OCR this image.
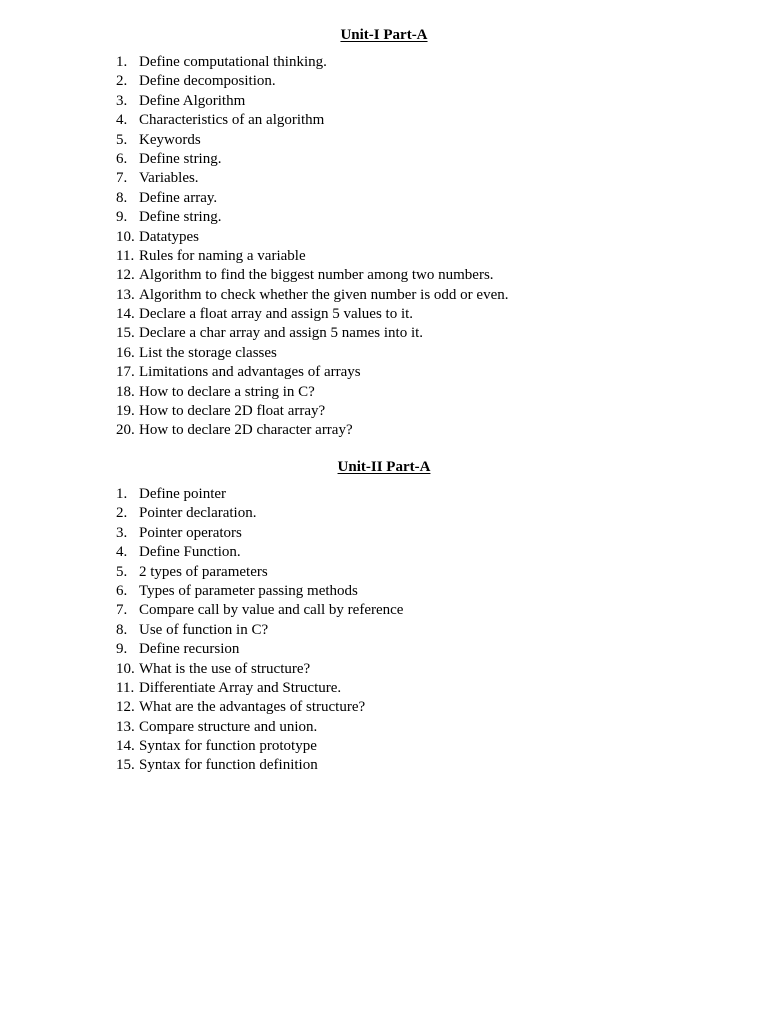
Unit-I Part-A
1. Define computational thinking.
2. Define decomposition.
3. Define Algorithm
4. Characteristics of an algorithm
5. Keywords
6. Define string.
7. Variables.
8. Define array.
9. Define string.
10. Datatypes
11. Rules for naming a variable
12. Algorithm to find the biggest number among two numbers.
13. Algorithm to check whether the given number is odd or even.
14. Declare a float array and assign 5 values to it.
15. Declare a char array and assign 5 names into it.
16. List the storage classes
17. Limitations and advantages of arrays
18. How to declare a string in C?
19. How to declare 2D float array?
20. How to declare 2D character array?
Unit-II Part-A
1. Define pointer
2. Pointer declaration.
3. Pointer operators
4. Define Function.
5. 2 types of parameters
6. Types of parameter passing methods
7. Compare call by value and call by reference
8. Use of function in C?
9. Define recursion
10. What is the use of structure?
11. Differentiate Array and Structure.
12. What are the advantages of structure?
13. Compare structure and union.
14. Syntax for function prototype
15. Syntax for function definition
